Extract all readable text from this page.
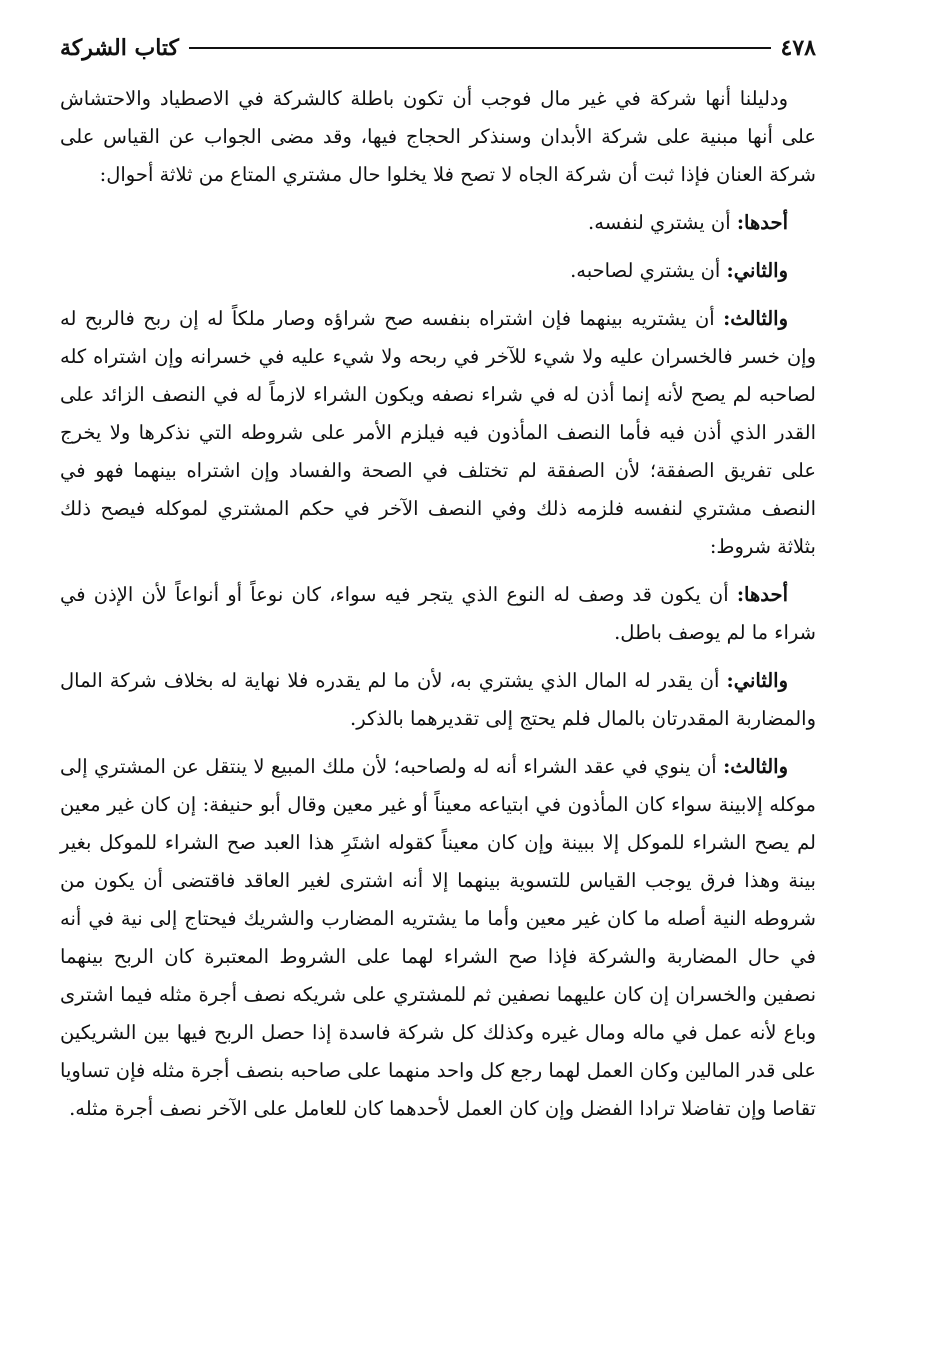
٤٧٨
كتاب الشركة

ودليلنا أنها شركة في غير مال فوجب أن تكون باطلة كالشركة في الاصطياد والاحتشاش على أنها مبنية على شركة الأبدان وسنذكر الحجاج فيها، وقد مضى الجواب عن القياس على شركة العنان فإذا ثبت أن شركة الجاه لا تصح فلا يخلوا حال مشتري المتاع من ثلاثة أحوال:

أحدها: أن يشتري لنفسه.

والثاني: أن يشتري لصاحبه.

والثالث: أن يشتريه بينهما فإن اشتراه بنفسه صح شراؤه وصار ملكاً له إن ربح فالربح له وإن خسر فالخسران عليه ولا شيء للآخر في ربحه ولا شيء عليه في خسرانه وإن اشتراه كله لصاحبه لم يصح لأنه إنما أذن له في شراء نصفه ويكون الشراء لازماً له في النصف الزائد على القدر الذي أذن فيه فأما النصف المأذون فيه فيلزم الأمر على شروطه التي نذكرها ولا يخرج على تفريق الصفقة؛ لأن الصفقة لم تختلف في الصحة والفساد وإن اشتراه بينهما فهو في النصف مشتري لنفسه فلزمه ذلك وفي النصف الآخر في حكم المشتري لموكله فيصح ذلك بثلاثة شروط:

أحدها: أن يكون قد وصف له النوع الذي يتجر فيه سواء، كان نوعاً أو أنواعاً لأن الإذن في شراء ما لم يوصف باطل.

والثاني: أن يقدر له المال الذي يشتري به، لأن ما لم يقدره فلا نهاية له بخلاف شركة المال والمضاربة المقدرتان بالمال فلم يحتج إلى تقديرهما بالذكر.

والثالث: أن ينوي في عقد الشراء أنه له ولصاحبه؛ لأن ملك المبيع لا ينتقل عن المشتري إلى موكله إلابينة سواء كان المأذون في ابتياعه معيناً أو غير معين وقال أبو حنيفة: إن كان غير معين لم يصح الشراء للموكل إلا ببينة وإن كان معيناً كقوله اشتَرِ هذا العبد صح الشراء للموكل بغير بينة وهذا فرق يوجب القياس للتسوية بينهما إلا أنه اشترى لغير العاقد فاقتضى أن يكون من شروطه النية أصله ما كان غير معين وأما ما يشتريه المضارب والشريك فيحتاج إلى نية في أنه في حال المضاربة والشركة فإذا صح الشراء لهما على الشروط المعتبرة كان الربح بينهما نصفين والخسران إن كان عليهما نصفين ثم للمشتري على شريكه نصف أجرة مثله فيما اشترى وباع لأنه عمل في ماله ومال غيره وكذلك كل شركة فاسدة إذا حصل الربح فيها بين الشريكين على قدر المالين وكان العمل لهما رجع كل واحد منهما على صاحبه بنصف أجرة مثله فإن تساويا تقاصا وإن تفاضلا ترادا الفضل وإن كان العمل لأحدهما كان للعامل على الآخر نصف أجرة مثله.
